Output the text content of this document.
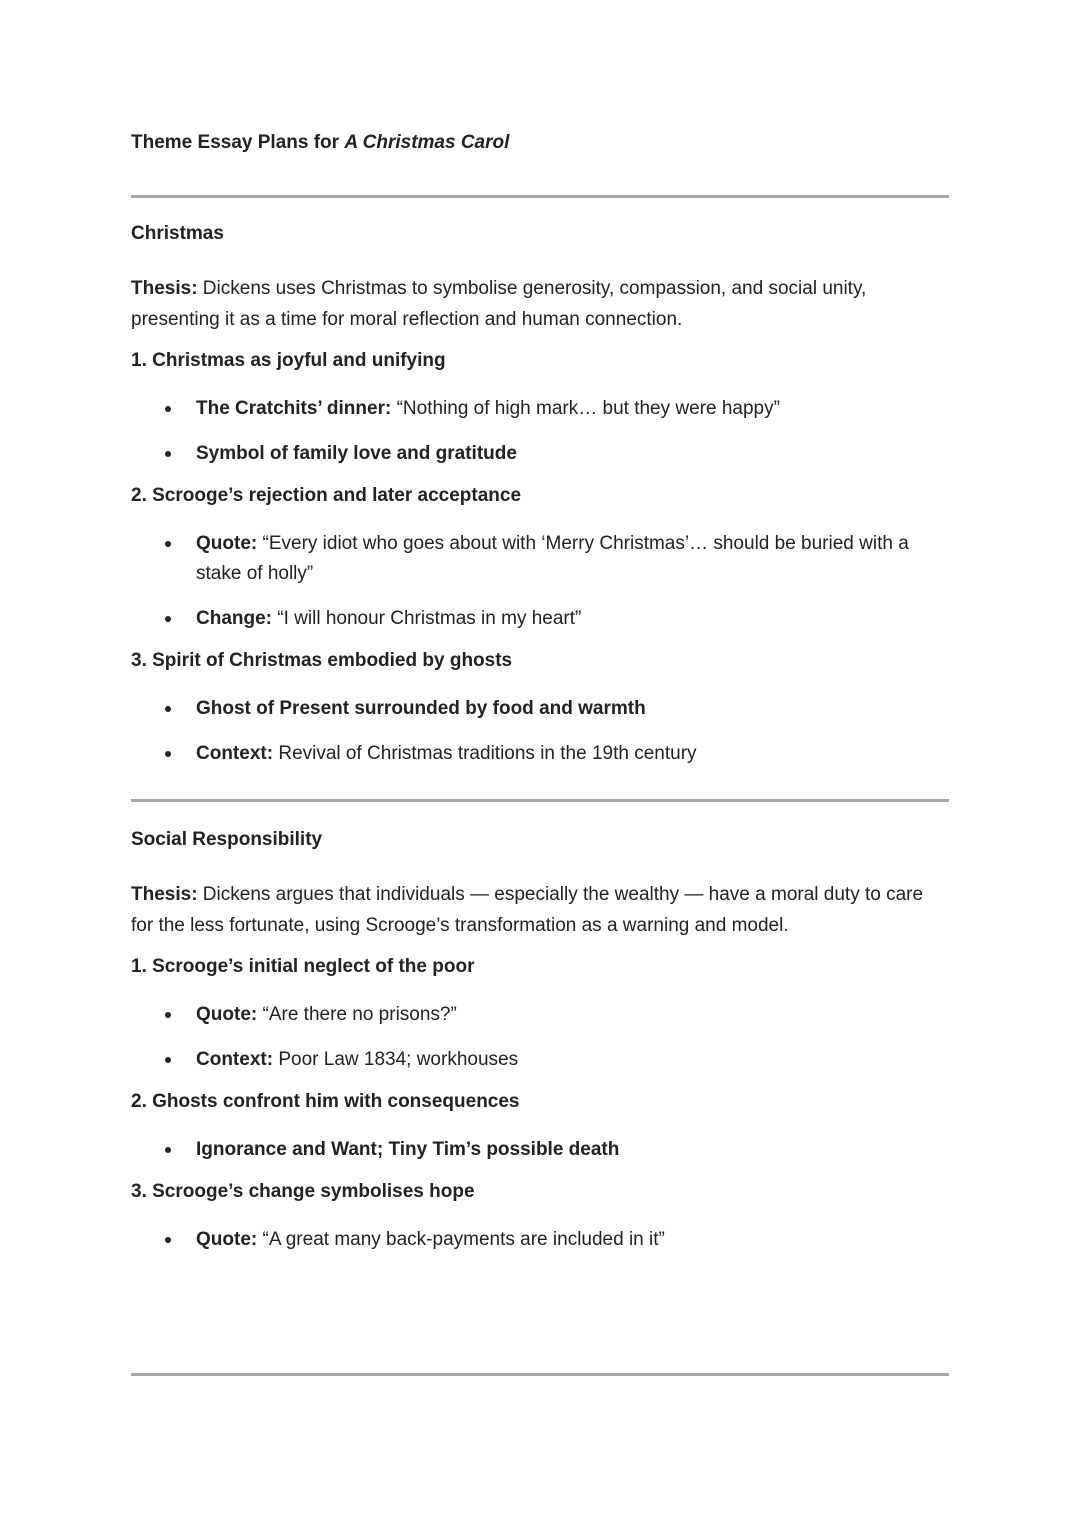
Theme Essay Plans for A Christmas Carol
Christmas
Thesis: Dickens uses Christmas to symbolise generosity, compassion, and social unity, presenting it as a time for moral reflection and human connection.
1. Christmas as joyful and unifying
The Cratchits’ dinner: “Nothing of high mark… but they were happy”
Symbol of family love and gratitude
2. Scrooge’s rejection and later acceptance
Quote: “Every idiot who goes about with ‘Merry Christmas’… should be buried with a stake of holly”
Change: “I will honour Christmas in my heart”
3. Spirit of Christmas embodied by ghosts
Ghost of Present surrounded by food and warmth
Context: Revival of Christmas traditions in the 19th century
Social Responsibility
Thesis: Dickens argues that individuals — especially the wealthy — have a moral duty to care for the less fortunate, using Scrooge’s transformation as a warning and model.
1. Scrooge’s initial neglect of the poor
Quote: “Are there no prisons?”
Context: Poor Law 1834; workhouses
2. Ghosts confront him with consequences
Ignorance and Want; Tiny Tim’s possible death
3. Scrooge’s change symbolises hope
Quote: “A great many back-payments are included in it”
